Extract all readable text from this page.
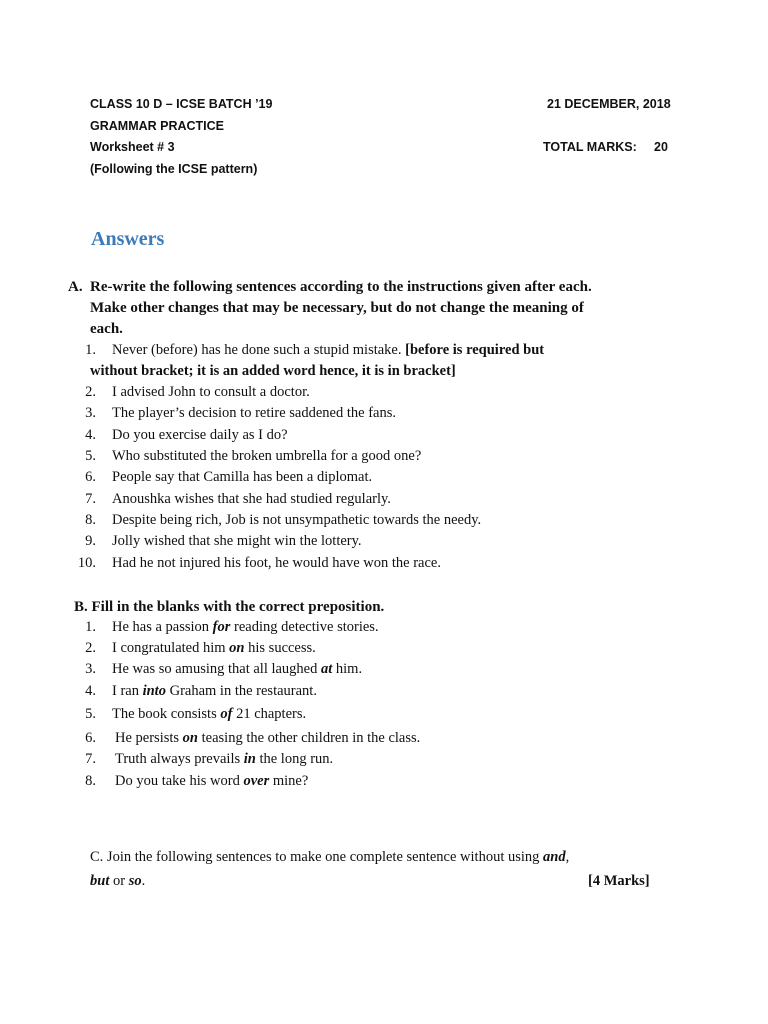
CLASS 10 D – ICSE BATCH ’19	21 DECEMBER, 2018
GRAMMAR PRACTICE
Worksheet # 3	TOTAL MARKS: 20
(Following the ICSE pattern)
Answers
A. Re-write the following sentences according to the instructions given after each.
Make other changes that may be necessary, but do not change the meaning of
each.
1. Never (before) has he done such a stupid mistake. [before is required but
without bracket; it is an added word hence, it is in bracket]
2. I advised John to consult a doctor.
3. The player’s decision to retire saddened the fans.
4. Do you exercise daily as I do?
5. Who substituted the broken umbrella for a good one?
6. People say that Camilla has been a diplomat.
7. Anoushka wishes that she had studied regularly.
8. Despite being rich, Job is not unsympathetic towards the needy.
9. Jolly wished that she might win the lottery.
10. Had he not injured his foot, he would have won the race.
B. Fill in the blanks with the correct preposition.
1. He has a passion for reading detective stories.
2. I congratulated him on his success.
3. He was so amusing that all laughed at him.
4. I ran into Graham in the restaurant.
5. The book consists of 21 chapters.
6. He persists on teasing the other children in the class.
7. Truth always prevails in the long run.
8. Do you take his word over mine?
C. Join the following sentences to make one complete sentence without using and,
but or so.	[4 Marks]
